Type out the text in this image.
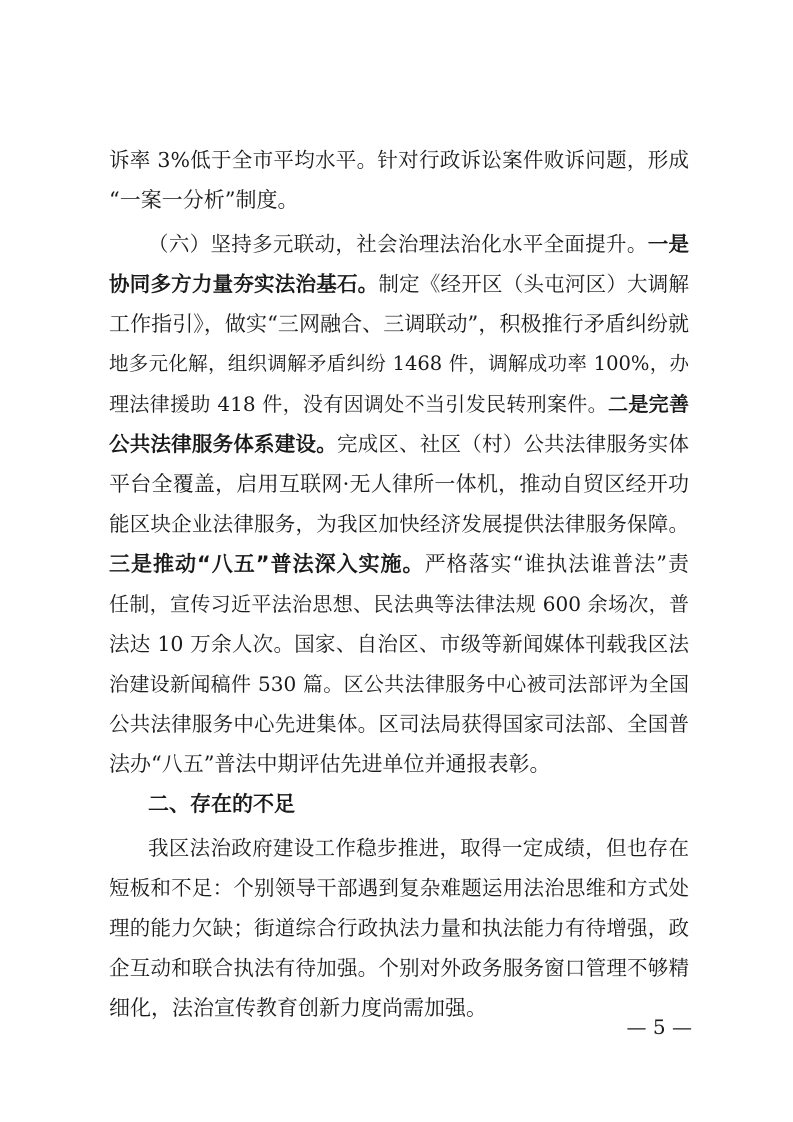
诉率 3%低于全市平均水平。针对行政诉讼案件败诉问题，形成
“一案一分析”制度。
（六）坚持多元联动，社会治理法治化水平全面提升。一是
协同多方力量夯实法治基石。制定《经开区（头屯河区）大调解
工作指引》，做实“三网融合、三调联动”，积极推行矛盾纠纷就
地多元化解，组织调解矛盾纠纷 1468 件，调解成功率 100%，办
理法律援助 418 件，没有因调处不当引发民转刑案件。二是完善
公共法律服务体系建设。完成区、社区（村）公共法律服务实体
平台全覆盖，启用互联网·无人律所一体机，推动自贸区经开功
能区块企业法律服务，为我区加快经济发展提供法律服务保障。
三是推动“八五”普法深入实施。严格落实“谁执法谁普法”责
任制，宣传习近平法治思想、民法典等法律法规 600 余场次，普
法达 10 万余人次。国家、自治区、市级等新闻媒体刊载我区法
治建设新闻稿件 530 篇。区公共法律服务中心被司法部评为全国
公共法律服务中心先进集体。区司法局获得国家司法部、全国普
法办“八五”普法中期评估先进单位并通报表彰。
二、存在的不足
我区法治政府建设工作稳步推进，取得一定成绩，但也存在
短板和不足：个别领导干部遇到复杂难题运用法治思维和方式处
理的能力欠缺；街道综合行政执法力量和执法能力有待增强，政
企互动和联合执法有待加强。个别对外政务服务窗口管理不够精
细化，法治宣传教育创新力度尚需加强。
— 5 —
